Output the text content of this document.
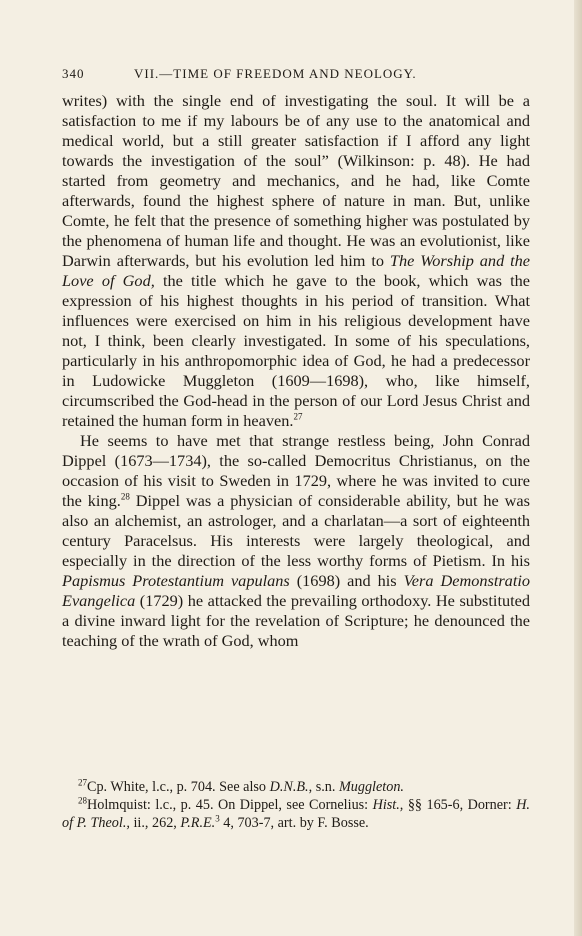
340	VII.—TIME OF FREEDOM AND NEOLOGY.

writes) with the single end of investigating the soul. It will be a satisfaction to me if my labours be of any use to the anatomical and medical world, but a still greater satisfaction if I afford any light towards the investigation of the soul” (Wilkinson: p. 48). He had started from geometry and mechanics, and he had, like Comte afterwards, found the highest sphere of nature in man. But, unlike Comte, he felt that the presence of something higher was postulated by the phenomena of human life and thought. He was an evolutionist, like Darwin afterwards, but his evolution led him to The Worship and the Love of God, the title which he gave to the book, which was the expression of his highest thoughts in his period of transition. What influences were exercised on him in his religious development have not, I think, been clearly investigated. In some of his speculations, particularly in his anthropomorphic idea of God, he had a predecessor in Ludowicke Muggleton (1609—1698), who, like himself, circumscribed the God-head in the person of our Lord Jesus Christ and retained the human form in heaven.$^{27}$

He seems to have met that strange restless being, John Conrad Dippel (1673—1734), the so-called Democritus Christianus, on the occasion of his visit to Sweden in 1729, where he was invited to cure the king.$^{28}$ Dippel was a physician of considerable ability, but he was also an alchemist, an astrologer, and a charlatan—a sort of eighteenth century Paracelsus. His interests were largely theological, and especially in the direction of the less worthy forms of Pietism. In his Papismus Protestantium vapulans (1698) and his Vera Demonstratio Evangelica (1729) he attacked the prevailing orthodoxy. He substituted a divine inward light for the revelation of Scripture; he denounced the teaching of the wrath of God, whom

$^{27}$Cp. White, l.c., p. 704. See also D.N.B., s.n. Muggleton.

$^{28}$Holmquist: l.c., p. 45. On Dippel, see Cornelius: Hist., §§ 165-6, Dorner: H. of P. Theol., ii., 262, P.R.E.$^3$ 4, 703-7, art. by F. Bosse.
